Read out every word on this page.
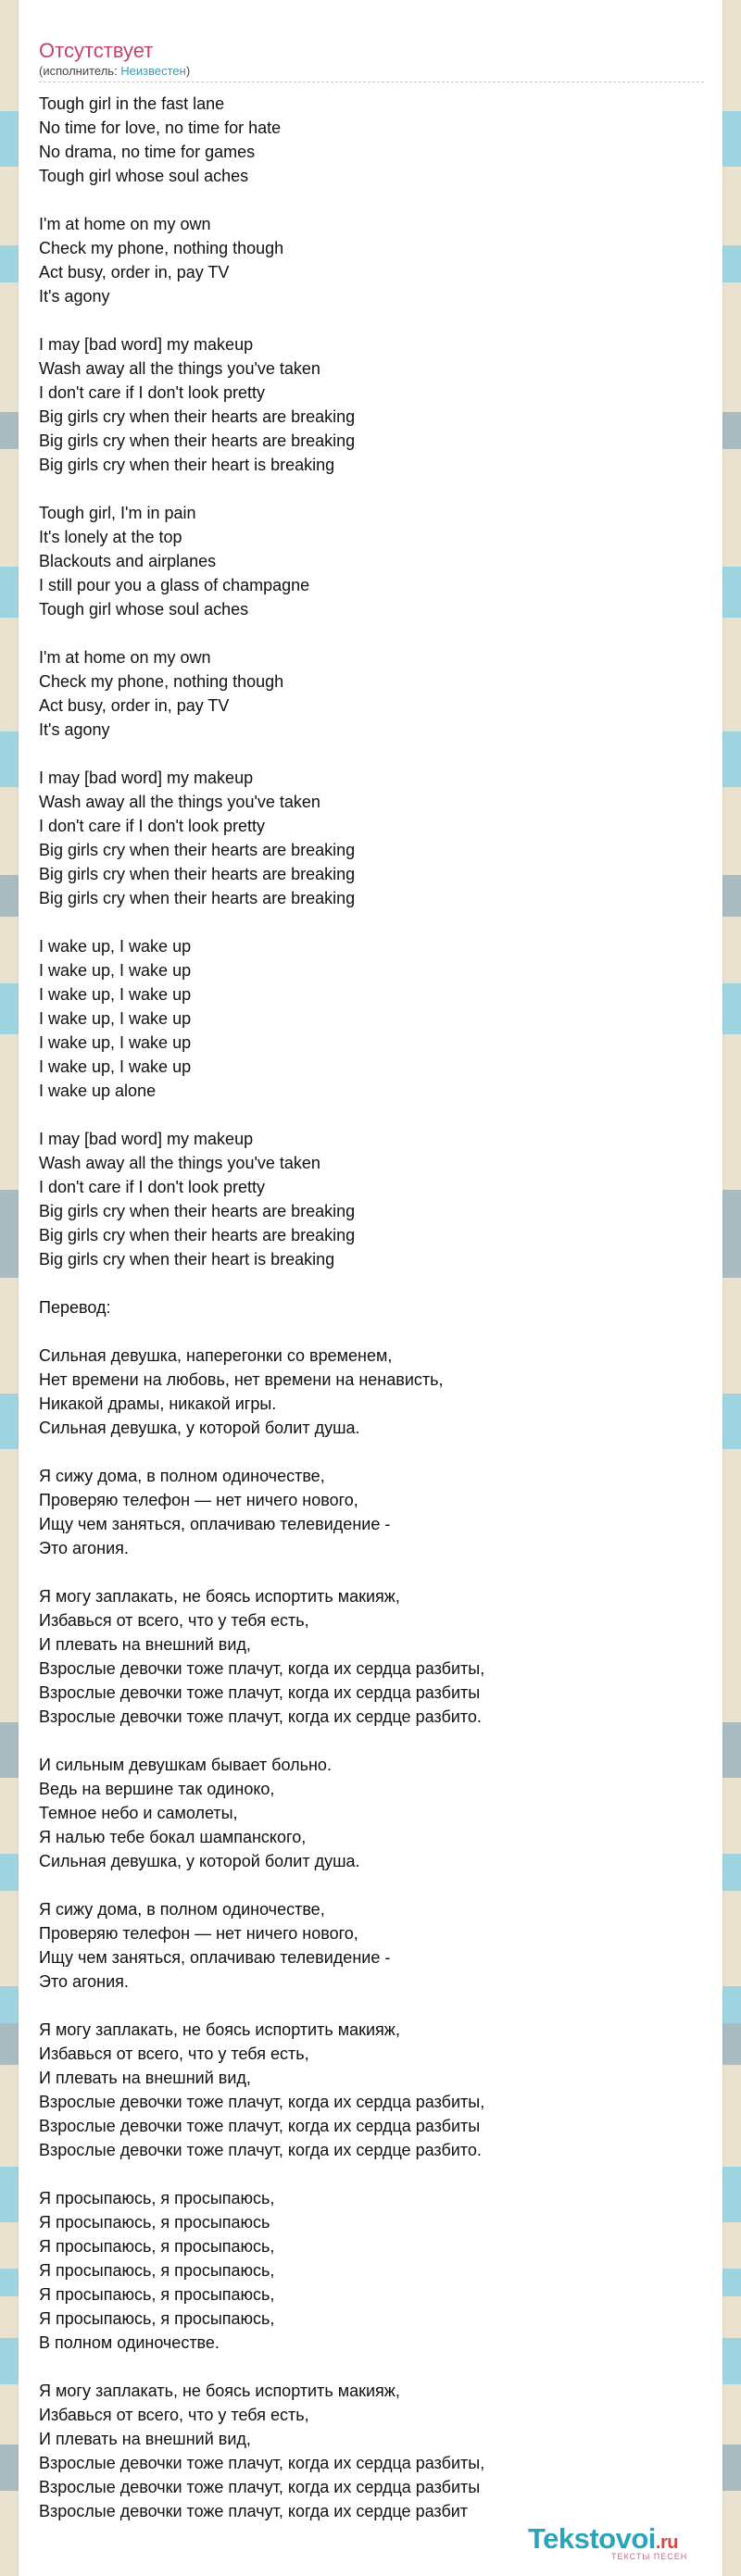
Отсутствует
(исполнитель: Неизвестен)
Tough girl in the fast lane
No time for love, no time for hate
No drama, no time for games
Tough girl whose soul aches
I'm at home on my own
Check my phone, nothing though
Act busy, order in, pay TV
It's agony
I may [bad word] my makeup
Wash away all the things you've taken
I don't care if I don't look pretty
Big girls cry when their hearts are breaking
Big girls cry when their hearts are breaking
Big girls cry when their heart is breaking
Tough girl, I'm in pain
It's lonely at the top
Blackouts and airplanes
I still pour you a glass of champagne
Tough girl whose soul aches
I'm at home on my own
Check my phone, nothing though
Act busy, order in, pay TV
It's agony
I may [bad word] my makeup
Wash away all the things you've taken
I don't care if I don't look pretty
Big girls cry when their hearts are breaking
Big girls cry when their hearts are breaking
Big girls cry when their hearts are breaking
I wake up, I wake up
I wake up, I wake up
I wake up, I wake up
I wake up, I wake up
I wake up, I wake up
I wake up, I wake up
I wake up alone
I may [bad word] my makeup
Wash away all the things you've taken
I don't care if I don't look pretty
Big girls cry when their hearts are breaking
Big girls cry when their hearts are breaking
Big girls cry when their heart is breaking
Перевод:
Сильная девушка, наперегонки со временем,
Нет времени на любовь, нет времени на ненависть,
Никакой драмы, никакой игры.
Сильная девушка, у которой болит душа.
Я сижу дома, в полном одиночестве,
Проверяю телефон — нет ничего нового,
Ищу чем заняться, оплачиваю телевидение -
Это агония.
Я могу заплакать, не боясь испортить макияж,
Избавься от всего, что у тебя есть,
И плевать на внешний вид,
Взрослые девочки тоже плачут, когда их сердца разбиты,
Взрослые девочки тоже плачут, когда их сердца разбиты
Взрослые девочки тоже плачут, когда их сердце разбито.
И сильным девушкам бывает больно.
Ведь на вершине так одиноко,
Темное небо и самолеты,
Я налью тебе бокал шампанского,
Сильная девушка, у которой болит душа.
Я сижу дома, в полном одиночестве,
Проверяю телефон — нет ничего нового,
Ищу чем заняться, оплачиваю телевидение -
Это агония.
Я могу заплакать, не боясь испортить макияж,
Избавься от всего, что у тебя есть,
И плевать на внешний вид,
Взрослые девочки тоже плачут, когда их сердца разбиты,
Взрослые девочки тоже плачут, когда их сердца разбиты
Взрослые девочки тоже плачут, когда их сердце разбито.
Я просыпаюсь, я просыпаюсь,
Я просыпаюсь, я просыпаюсь
Я просыпаюсь, я просыпаюсь,
Я просыпаюсь, я просыпаюсь,
Я просыпаюсь, я просыпаюсь,
Я просыпаюсь, я просыпаюсь,
В полном одиночестве.
Я могу заплакать, не боясь испортить макияж,
Избавься от всего, что у тебя есть,
И плевать на внешний вид,
Взрослые девочки тоже плачут, когда их сердца разбиты,
Взрослые девочки тоже плачут, когда их сердца разбиты
Взрослые девочки тоже плачут, когда их сердце разбит
Tekstovoi.ru
ТЕКСТЫ ПЕСЕН
